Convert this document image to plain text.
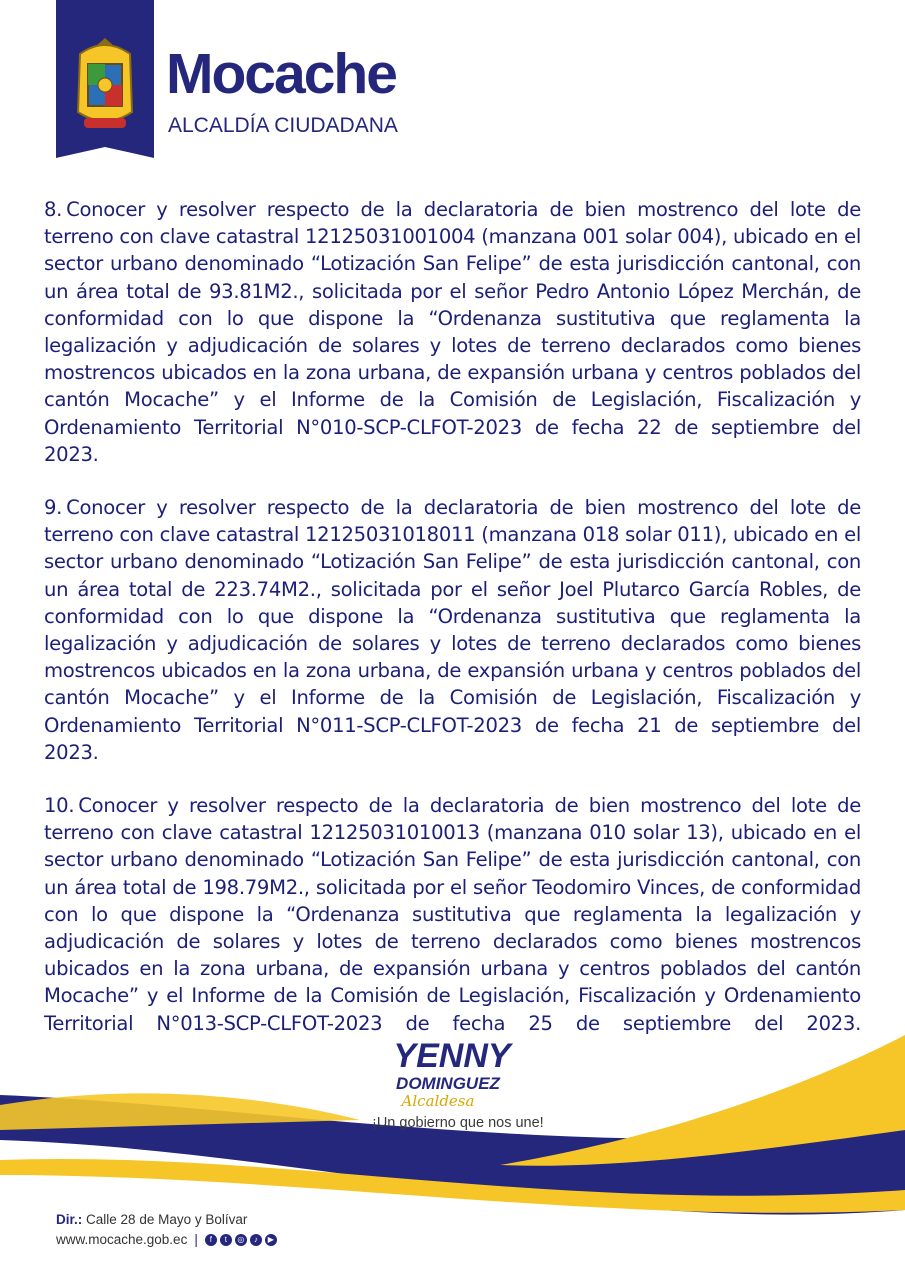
Mocache
ALCALDÍA CIUDADANA

8. Conocer y resolver respecto de la declaratoria de bien mostrenco del lote de terreno con clave catastral 12125031001004 (manzana 001 solar 004), ubicado en el sector urbano denominado “Lotización San Felipe” de esta jurisdicción cantonal, con un área total de 93.81M2., solicitada por el señor Pedro Antonio López Merchán, de conformidad con lo que dispone la “Ordenanza sustitutiva que reglamenta la legalización y adjudicación de solares y lotes de terreno declarados como bienes mostrencos ubicados en la zona urbana, de expansión urbana y centros poblados del cantón Mocache” y el Informe de la Comisión de Legislación, Fiscalización y Ordenamiento Territorial N°010-SCP-CLFOT-2023 de fecha 22 de septiembre del 2023.

9. Conocer y resolver respecto de la declaratoria de bien mostrenco del lote de terreno con clave catastral 12125031018011 (manzana 018 solar 011), ubicado en el sector urbano denominado “Lotización San Felipe” de esta jurisdicción cantonal, con un área total de 223.74M2., solicitada por el señor Joel Plutarco García Robles, de conformidad con lo que dispone la “Ordenanza sustitutiva que reglamenta la legalización y adjudicación de solares y lotes de terreno declarados como bienes mostrencos ubicados en la zona urbana, de expansión urbana y centros poblados del cantón Mocache” y el Informe de la Comisión de Legislación, Fiscalización y Ordenamiento Territorial N°011-SCP-CLFOT-2023 de fecha 21 de septiembre del 2023.

10. Conocer y resolver respecto de la declaratoria de bien mostrenco del lote de terreno con clave catastral 12125031010013 (manzana 010 solar 13), ubicado en el sector urbano denominado “Lotización San Felipe” de esta jurisdicción cantonal, con un área total de 198.79M2., solicitada por el señor Teodomiro Vinces, de conformidad con lo que dispone la “Ordenanza sustitutiva que reglamenta la legalización y adjudicación de solares y lotes de terreno declarados como bienes mostrencos ubicados en la zona urbana, de expansión urbana y centros poblados del cantón Mocache” y el Informe de la Comisión de Legislación, Fiscalización y Ordenamiento Territorial N°013-SCP-CLFOT-2023 de fecha 25 de septiembre del 2023.

YENNY
DOMINGUEZ
Alcaldesa
¡Un gobierno que nos une!
Dir.: Calle 28 de Mayo y Bolívar
www.mocache.gob.ec |	f	t	◎	♪	▶
